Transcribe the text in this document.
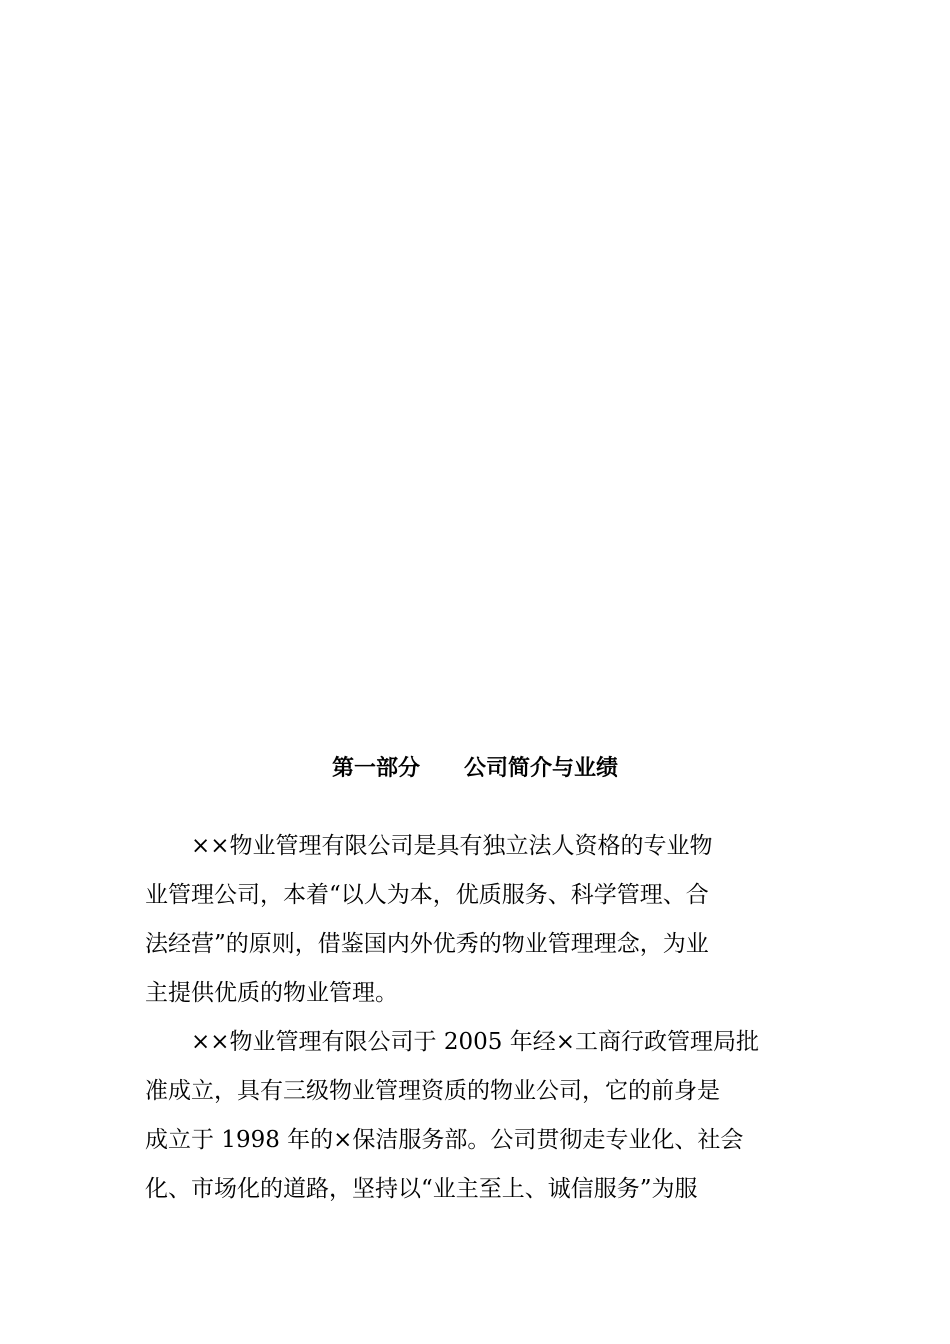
第一部分　　公司简介与业绩
　　××物业管理有限公司是具有独立法人资格的专业物
业管理公司，本着“以人为本，优质服务、科学管理、合
法经营”的原则，借鉴国内外优秀的物业管理理念，为业
主提供优质的物业管理。
　　××物业管理有限公司于 2005 年经×工商行政管理局批
准成立，具有三级物业管理资质的物业公司，它的前身是
成立于 1998 年的×保洁服务部。公司贯彻走专业化、社会
化、市场化的道路，坚持以“业主至上、诚信服务”为服
